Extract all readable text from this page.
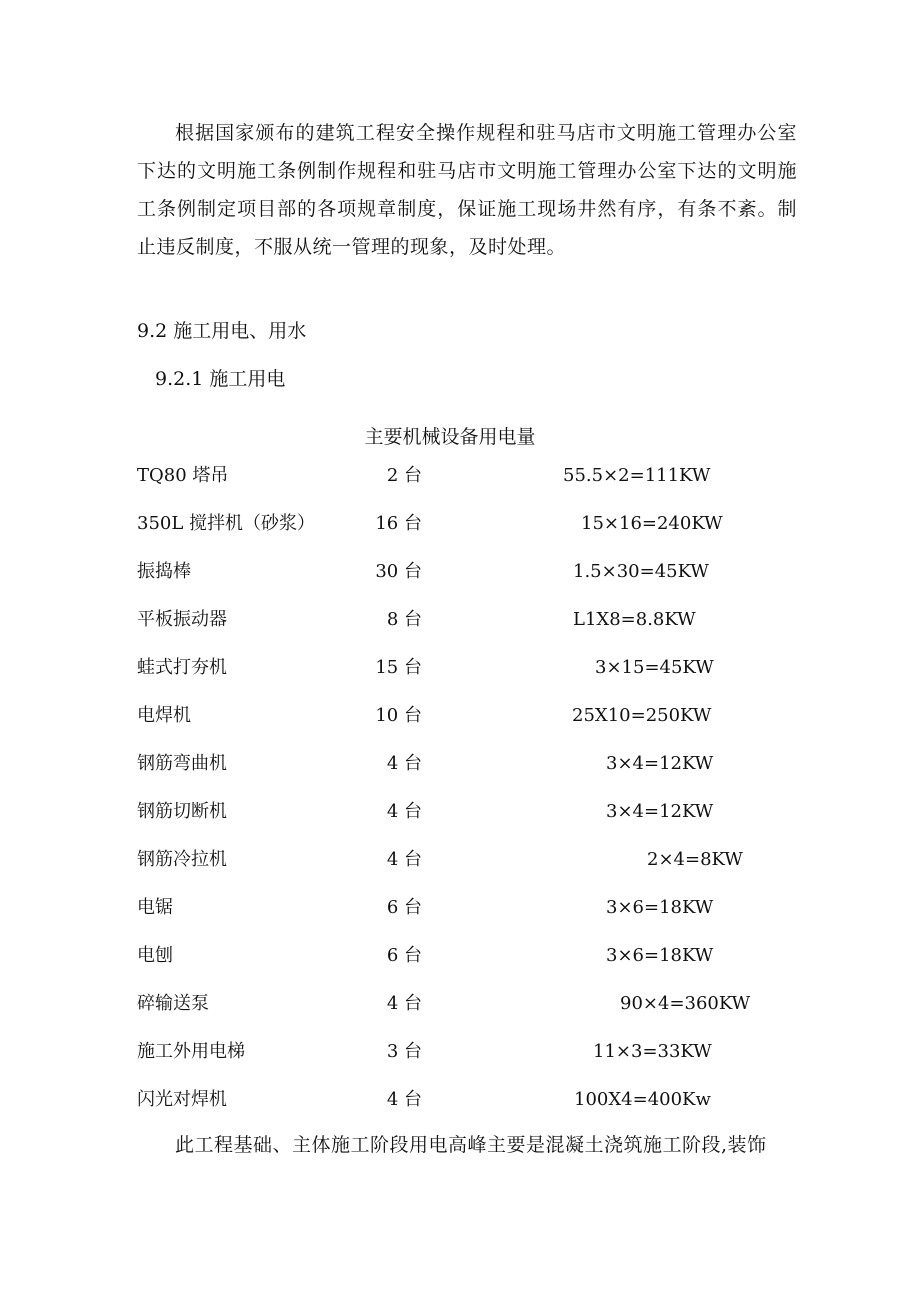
根据国家颁布的建筑工程安全操作规程和驻马店市文明施工管理办公室下达的文明施工条例制作规程和驻马店市文明施工管理办公室下达的文明施工条例制定项目部的各项规章制度，保证施工现场井然有序，有条不紊。制止违反制度，不服从统一管理的现象，及时处理。

9.2 施工用电、用水

9.2.1 施工用电

主要机械设备用电量

TQ80 塔吊	2 台	55.5×2=111KW
350L 搅拌机（砂浆）	16 台	15×16=240KW
振捣棒	30 台	1.5×30=45KW
平板振动器	8 台	L1X8=8.8KW
蛙式打夯机	15 台	3×15=45KW
电焊机	10 台	25X10=250KW
钢筋弯曲机	4 台	3×4=12KW
钢筋切断机	4 台	3×4=12KW
钢筋冷拉机	4 台	2×4=8KW
电锯	6 台	3×6=18KW
电刨	6 台	3×6=18KW
碎输送泵	4 台	90×4=360KW
施工外用电梯	3 台	11×3=33KW
闪光对焊机	4 台	100X4=400Kw

此工程基础、主体施工阶段用电高峰主要是混凝土浇筑施工阶段,装饰
